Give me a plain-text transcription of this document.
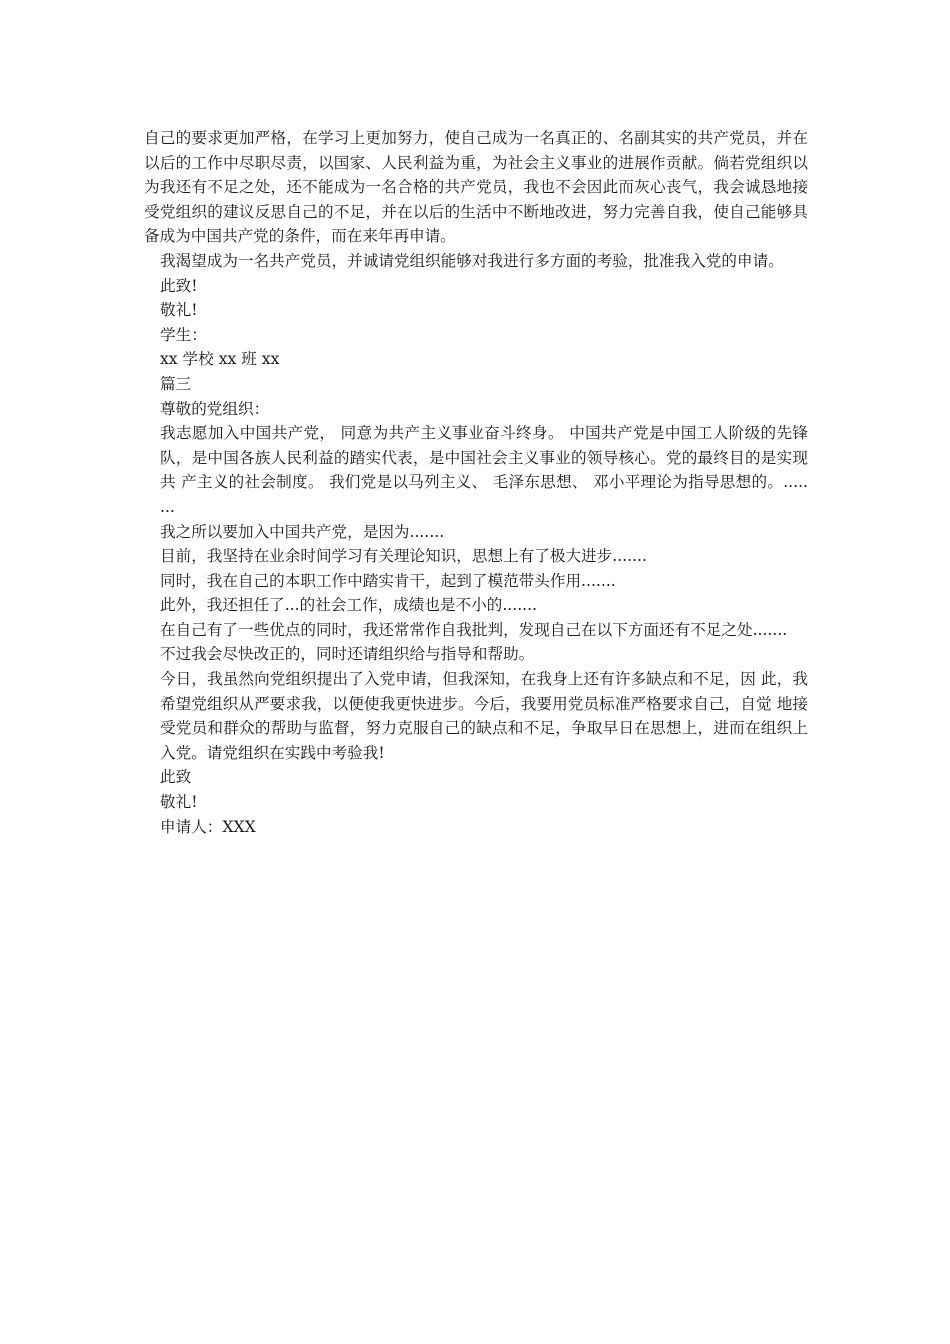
自己的要求更加严格，在学习上更加努力，使自己成为一名真正的、名副其实的共产党员，并在以后的工作中尽职尽责，以国家、人民利益为重，为社会主义事业的进展作贡献。倘若党组织以为我还有不足之处，还不能成为一名合格的共产党员，我也不会因此而灰心丧气，我会诚恳地接受党组织的建议反思自己的不足，并在以后的生活中不断地改进，努力完善自我，使自己能够具备成为中国共产党的条件，而在来年再申请。

我渴望成为一名共产党员，并诚请党组织能够对我进行多方面的考验，批准我入党的申请。

此致!

敬礼!

学生：

xx 学校 xx 班 xx

篇三

尊敬的党组织：

我志愿加入中国共产党， 同意为共产主义事业奋斗终身。 中国共产党是中国工人阶级的先锋 队，是中国各族人民利益的踏实代表，是中国社会主义事业的领导核心。党的最终目的是实现共 产主义的社会制度。 我们党是以马列主义、 毛泽东思想、 邓小平理论为指导思想的。..... ...

我之所以要加入中国共产党，是因为.......

目前，我坚持在业余时间学习有关理论知识，思想上有了极大进步.......

同时，我在自己的本职工作中踏实肯干，起到了模范带头作用.......

此外，我还担任了...的社会工作，成绩也是不小的.......

在自己有了一些优点的同时，我还常常作自我批判，发现自己在以下方面还有不足之处.......

不过我会尽快改正的，同时还请组织给与指导和帮助。

今日，我虽然向党组织提出了入党申请，但我深知，在我身上还有许多缺点和不足，因 此，我希望党组织从严要求我，以便使我更快进步。今后，我要用党员标准严格要求自己，自觉 地接受党员和群众的帮助与监督，努力克服自己的缺点和不足，争取早日在思想上，进而在组织上入党。请党组织在实践中考验我!

此致

敬礼!

申请人：XXX
